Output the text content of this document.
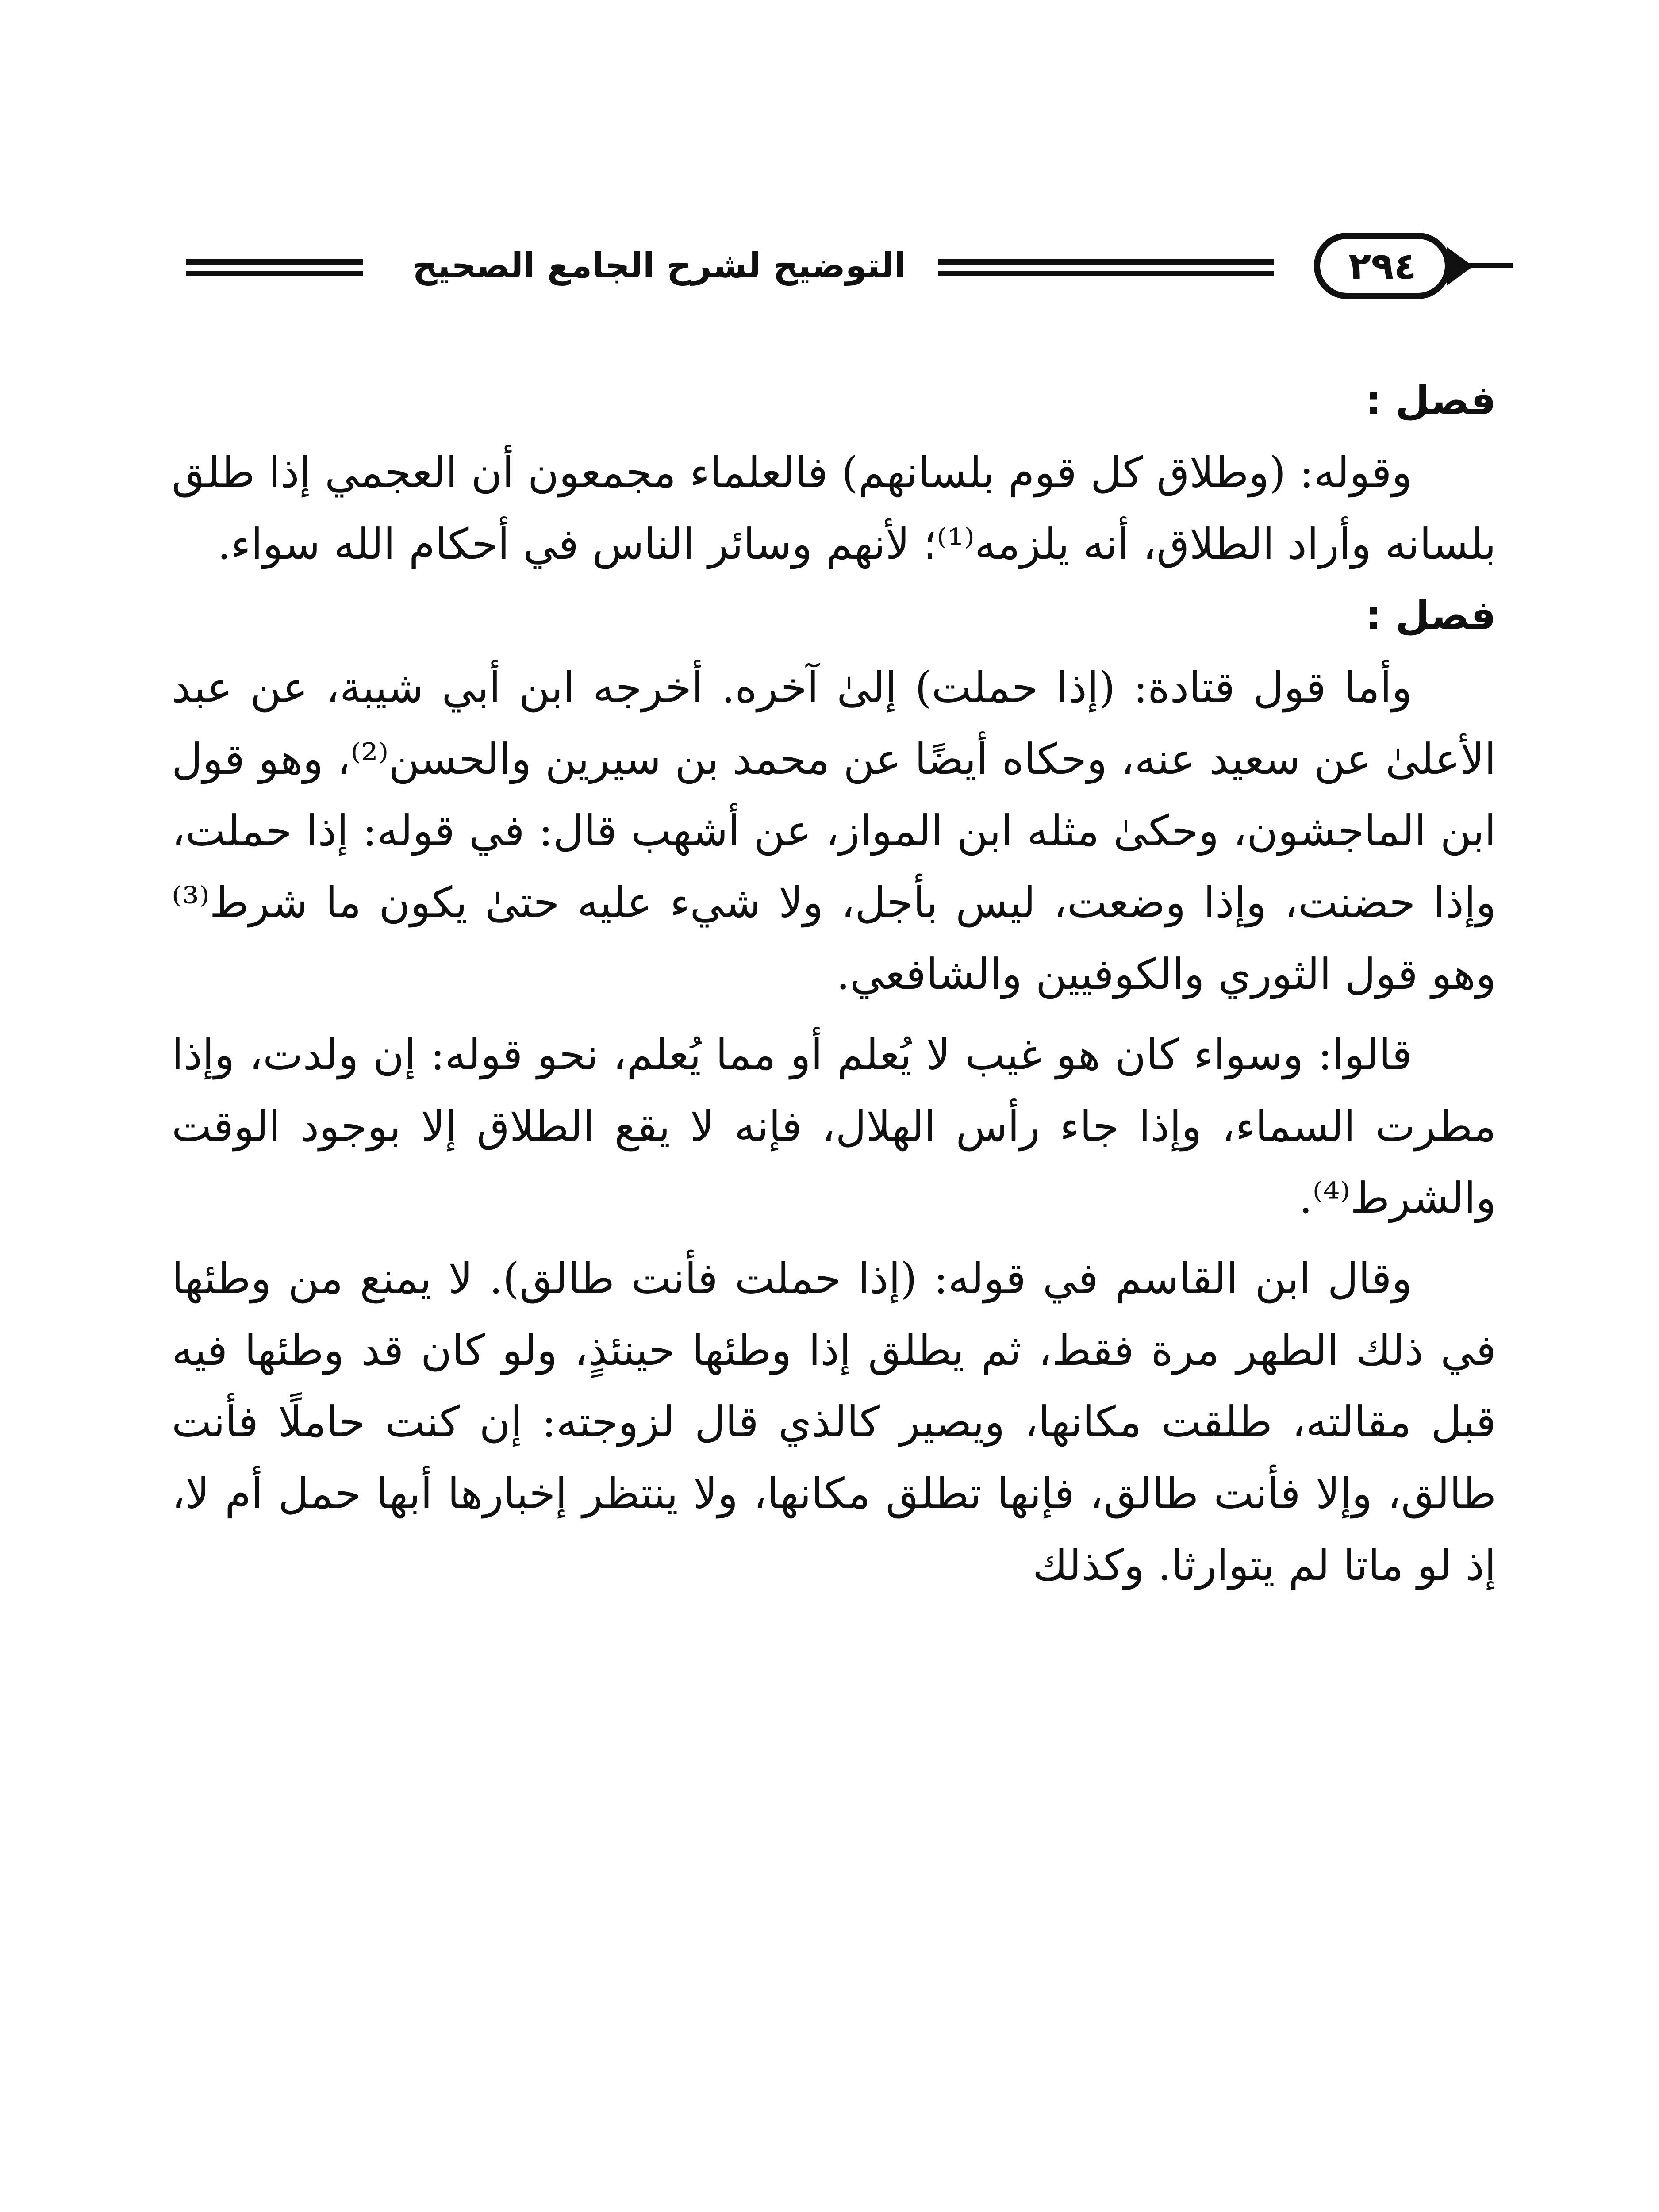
التوضيح لشرح الجامع الصحيح	٢٩٤

فصل :

وقوله: (وطلاق كل قوم بلسانهم) فالعلماء مجمعون أن العجمي إذا طلق بلسانه وأراد الطلاق، أنه يلزمه⁽¹⁾؛ لأنهم وسائر الناس في أحكام الله سواء.

فصل :

وأما قول قتادة: (إذا حملت) إلىٰ آخره. أخرجه ابن أبي شيبة، عن عبد الأعلىٰ عن سعيد عنه، وحكاه أيضًا عن محمد بن سيرين والحسن⁽²⁾، وهو قول ابن الماجشون، وحكىٰ مثله ابن المواز، عن أشهب قال: في قوله: إذا حملت، وإذا حضنت، وإذا وضعت، ليس بأجل، ولا شيء عليه حتىٰ يكون ما شرط⁽³⁾ وهو قول الثوري والكوفيين والشافعي.

قالوا: وسواء كان هو غيب لا يُعلم أو مما يُعلم، نحو قوله: إن ولدت، وإذا مطرت السماء، وإذا جاء رأس الهلال، فإنه لا يقع الطلاق إلا بوجود الوقت والشرط⁽⁴⁾.

وقال ابن القاسم في قوله: (إذا حملت فأنت طالق). لا يمنع من وطئها في ذلك الطهر مرة فقط، ثم يطلق إذا وطئها حينئذٍ، ولو كان قد وطئها فيه قبل مقالته، طلقت مكانها، ويصير كالذي قال لزوجته: إن كنت حاملًا فأنت طالق، وإلا فأنت طالق، فإنها تطلق مكانها، ولا ينتظر إخبارها أبها حمل أم لا، إذ لو ماتا لم يتوارثا. وكذلك
